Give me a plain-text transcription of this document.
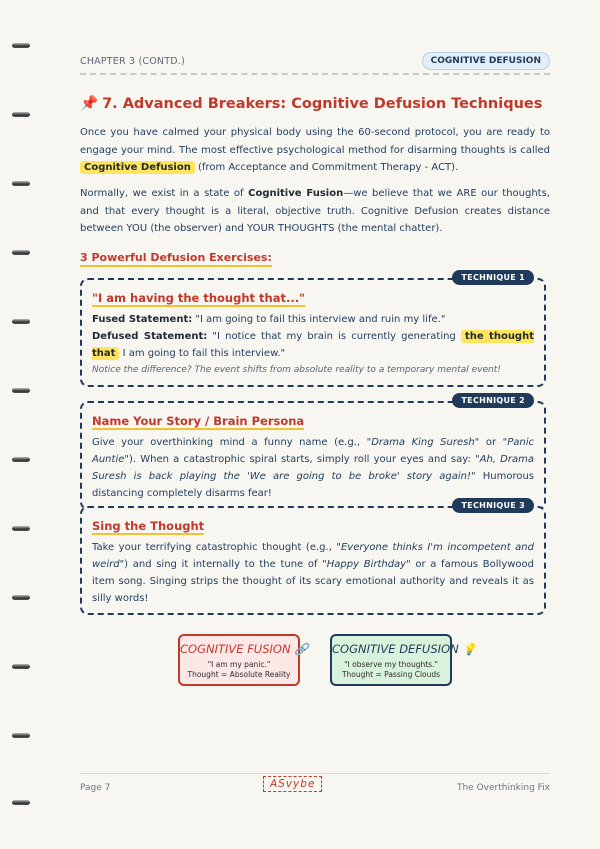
CHAPTER 3 (CONTD.)	COGNITIVE DEFUSION
📌 7. Advanced Breakers: Cognitive Defusion Techniques
Once you have calmed your physical body using the 60-second protocol, you are ready to engage your mind. The most effective psychological method for disarming thoughts is called Cognitive Defusion (from Acceptance and Commitment Therapy - ACT).
Normally, we exist in a state of Cognitive Fusion—we believe that we ARE our thoughts, and that every thought is a literal, objective truth. Cognitive Defusion creates distance between YOU (the observer) and YOUR THOUGHTS (the mental chatter).
3 Powerful Defusion Exercises:
TECHNIQUE 1
"I am having the thought that..."

Fused Statement: "I am going to fail this interview and ruin my life."

Defused Statement: "I notice that my brain is currently generating the thought that I am going to fail this interview."

Notice the difference? The event shifts from absolute reality to a temporary mental event!

TECHNIQUE 2
Name Your Story / Brain Persona

Give your overthinking mind a funny name (e.g., "Drama King Suresh" or "Panic Auntie"). When a catastrophic spiral starts, simply roll your eyes and say: "Ah, Drama Suresh is back playing the 'We are going to be broke' story again!" Humorous distancing completely disarms fear!

TECHNIQUE 3
Sing the Thought

Take your terrifying catastrophic thought (e.g., "Everyone thinks I'm incompetent and weird") and sing it internally to the tune of "Happy Birthday" or a famous Bollywood item song. Singing strips the thought of its scary emotional authority and reveals it as silly words!

COGNITIVE FUSION 🔗
"I am my panic."
Thought = Absolute Reality
COGNITIVE DEFUSION 💡
"I observe my thoughts."
Thought = Passing Clouds
Page 7	ASvybe	The Overthinking Fix
